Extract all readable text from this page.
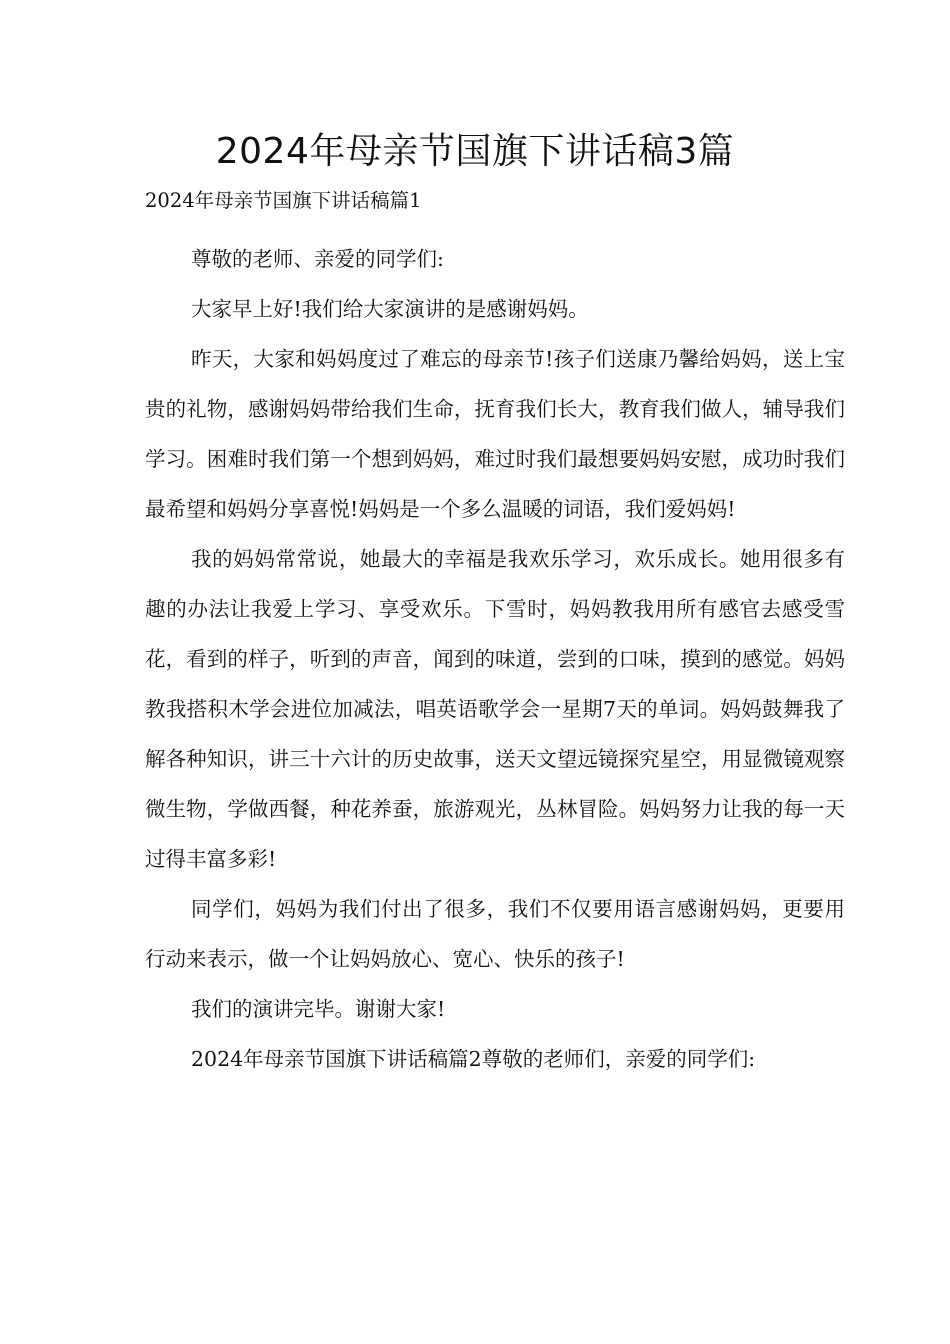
2024年母亲节国旗下讲话稿3篇
2024年母亲节国旗下讲话稿篇1

尊敬的老师、亲爱的同学们:

大家早上好!我们给大家演讲的是感谢妈妈。

昨天，大家和妈妈度过了难忘的母亲节!孩子们送康乃馨给妈妈，送上宝贵的礼物，感谢妈妈带给我们生命，抚育我们长大，教育我们做人，辅导我们学习。困难时我们第一个想到妈妈，难过时我们最想要妈妈安慰，成功时我们最希望和妈妈分享喜悦!妈妈是一个多么温暖的词语，我们爱妈妈!

我的妈妈常常说，她最大的幸福是我欢乐学习，欢乐成长。她用很多有趣的办法让我爱上学习、享受欢乐。下雪时，妈妈教我用所有感官去感受雪花，看到的样子，听到的声音，闻到的味道，尝到的口味，摸到的感觉。妈妈教我搭积木学会进位加减法，唱英语歌学会一星期7天的单词。妈妈鼓舞我了解各种知识，讲三十六计的历史故事，送天文望远镜探究星空，用显微镜观察微生物，学做西餐，种花养蚕，旅游观光，丛林冒险。妈妈努力让我的每一天过得丰富多彩!

同学们，妈妈为我们付出了很多，我们不仅要用语言感谢妈妈，更要用行动来表示，做一个让妈妈放心、宽心、快乐的孩子!

我们的演讲完毕。谢谢大家!

2024年母亲节国旗下讲话稿篇2尊敬的老师们，亲爱的同学们:
